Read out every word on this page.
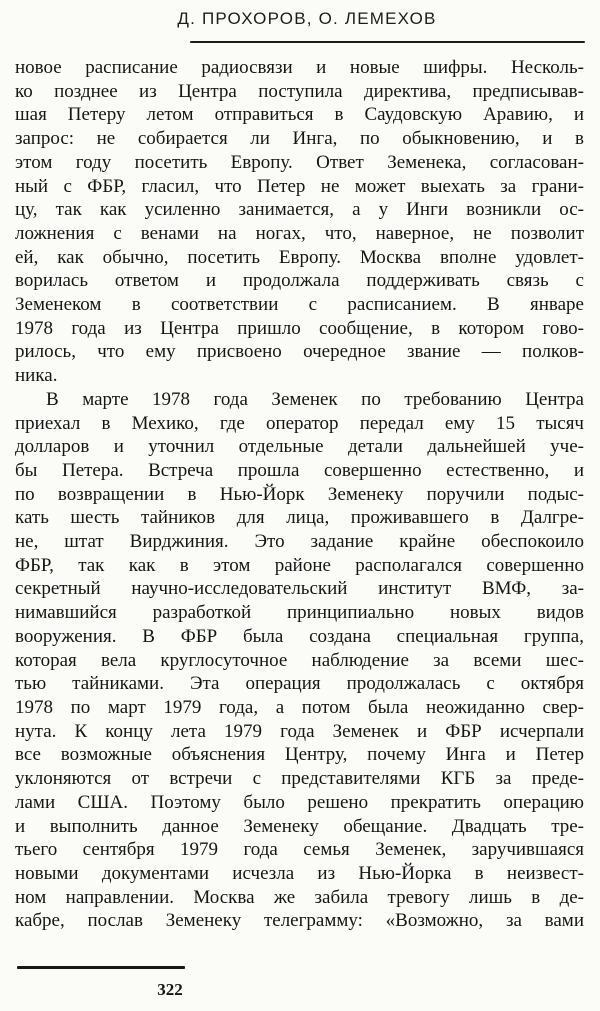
Д. ПРОХОРОВ, О. ЛЕМЕХОВ
новое расписание радиосвязи и новые шифры. Несколь-
ко позднее из Центра поступила директива, предписывав-
шая Петеру летом отправиться в Саудовскую Аравию, и
запрос: не собирается ли Инга, по обыкновению, и в
этом году посетить Европу. Ответ Земенека, согласован-
ный с ФБР, гласил, что Петер не может выехать за грани-
цу, так как усиленно занимается, а у Инги возникли ос-
ложнения с венами на ногах, что, наверное, не позволит
ей, как обычно, посетить Европу. Москва вполне удовлет-
ворилась ответом и продолжала поддерживать связь с
Земенеком в соответствии с расписанием. В январе
1978 года из Центра пришло сообщение, в котором гово-
рилось, что ему присвоено очередное звание — полков-
ника.
В марте 1978 года Земенек по требованию Центра
приехал в Мехико, где оператор передал ему 15 тысяч
долларов и уточнил отдельные детали дальнейшей уче-
бы Петера. Встреча прошла совершенно естественно, и
по возвращении в Нью-Йорк Земенеку поручили подыс-
кать шесть тайников для лица, проживавшего в Далгре-
не, штат Вирджиния. Это задание крайне обеспокоило
ФБР, так как в этом районе располагался совершенно
секретный научно-исследовательский институт ВМФ, за-
нимавшийся разработкой принципиально новых видов
вооружения. В ФБР была создана специальная группа,
которая вела круглосуточное наблюдение за всеми шес-
тью тайниками. Эта операция продолжалась с октября
1978 по март 1979 года, а потом была неожиданно свер-
нута. К концу лета 1979 года Земенек и ФБР исчерпали
все возможные объяснения Центру, почему Инга и Петер
уклоняются от встречи с представителями КГБ за преде-
лами США. Поэтому было решено прекратить операцию
и выполнить данное Земенеку обещание. Двадцать тре-
тьего сентября 1979 года семья Земенек, заручившаяся
новыми документами исчезла из Нью-Йорка в неизвест-
ном направлении. Москва же забила тревогу лишь в де-
кабре, послав Земенеку телеграмму: «Возможно, за вами
322
